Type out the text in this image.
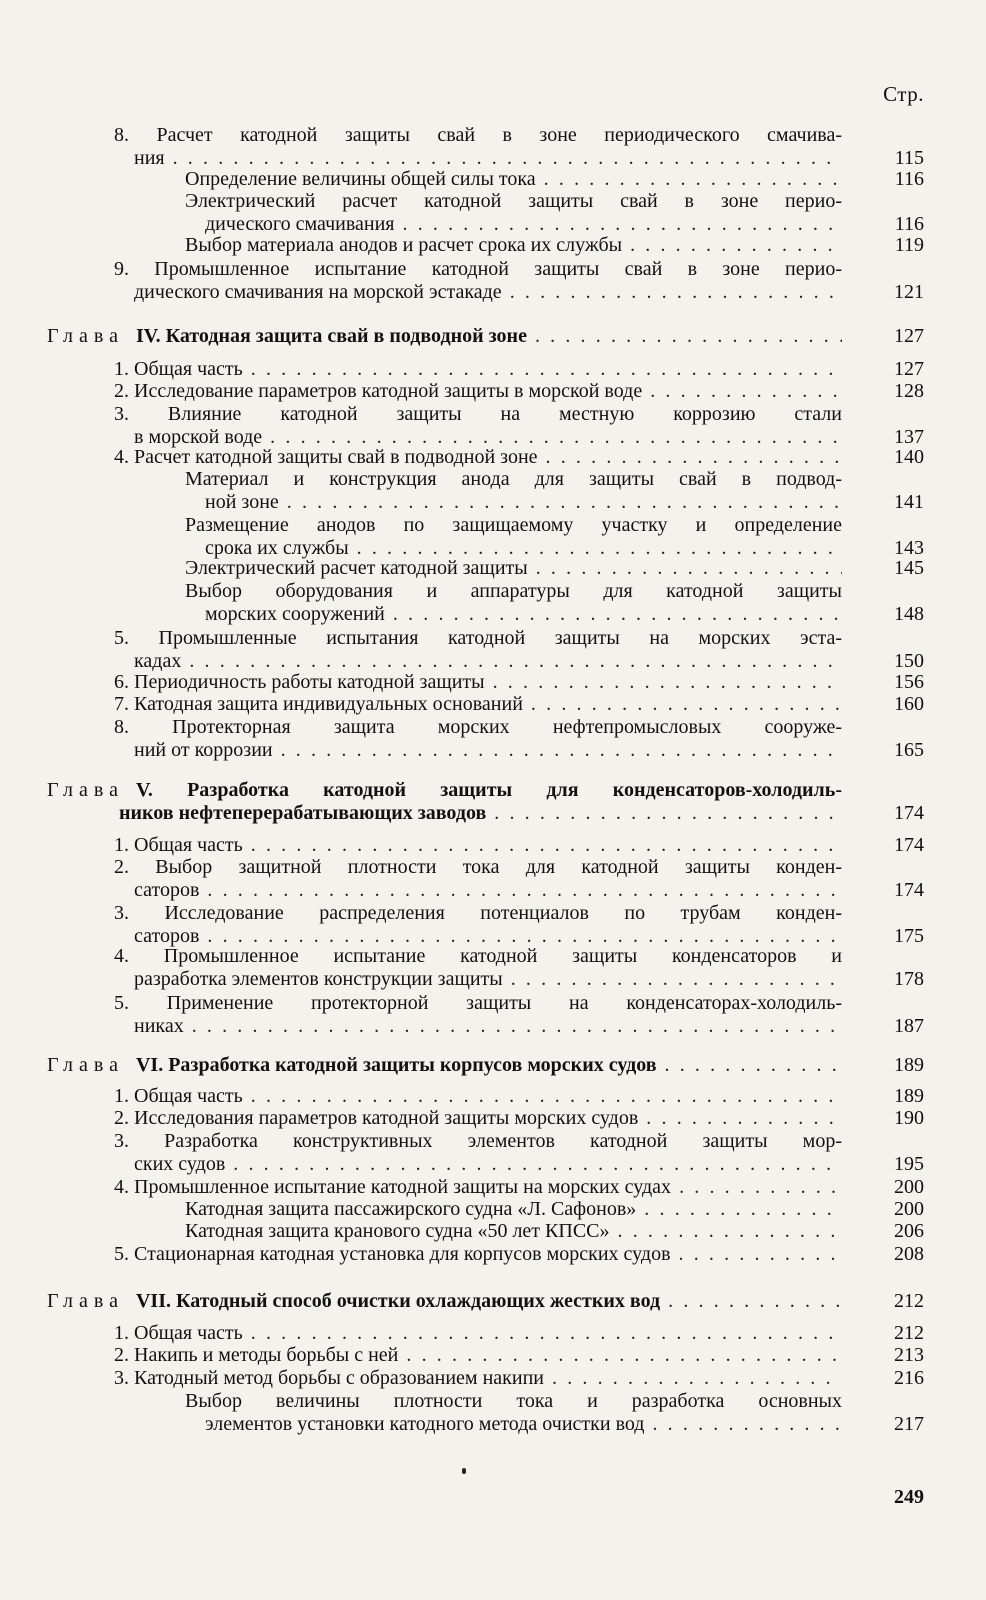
Стр.
8. Расчет катодной защиты свай в зоне периодического смачива-
ния . . .	115
Определение величины общей силы тока . . .	116
Электрический расчет катодной защиты свай в зоне перио-
дического смачивания . . .	116
Выбор материала анодов и расчет срока их службы . . .	119
9. Промышленное испытание катодной защиты свай в зоне перио-
дического смачивания на морской эстакаде . . .	121
Глава IV. Катодная защита свай в подводной зоне . . .	127
1. Общая часть . . .	127
2. Исследование параметров катодной защиты в морской воде . . .	128
3. Влияние катодной защиты на местную коррозию стали
в морской воде . . .	137
4. Расчет катодной защиты свай в подводной зоне . . .	140
Материал и конструкция анода для защиты свай в подвод-
ной зоне . . .	141
Размещение анодов по защищаемому участку и определение
срока их службы . . .	143
Электрический расчет катодной защиты . . .	145
Выбор оборудования и аппаратуры для катодной защиты
морских сооружений . . .	148
5. Промышленные испытания катодной защиты на морских эста-
кадах . . .	150
6. Периодичность работы катодной защиты . . .	156
7. Катодная защита индивидуальных оснований . . .	160
8. Протекторная защита морских нефтепромысловых сооруже-
ний от коррозии . . .	165
Глава V. Разработка катодной защиты для конденсаторов-холодиль-
ников нефтеперерабатывающих заводов . . .	174
1. Общая часть . . .	174
2. Выбор защитной плотности тока для катодной защиты конден-
саторов . . .	174
3. Исследование распределения потенциалов по трубам конден-
саторов . . .	175
4. Промышленное испытание катодной защиты конденсаторов и
разработка элементов конструкции защиты . . .	178
5. Применение протекторной защиты на конденсаторах-холодиль-
никах . . .	187
Глава VI. Разработка катодной защиты корпусов морских судов . . .	189
1. Общая часть . . .	189
2. Исследования параметров катодной защиты морских судов . . .	190
3. Разработка конструктивных элементов катодной защиты мор-
ских судов . . .	195
4. Промышленное испытание катодной защиты на морских судах . . .	200
Катодная защита пассажирского судна «Л. Сафонов» . . .	200
Катодная защита кранового судна «50 лет КПСС» . . .	206
5. Стационарная катодная установка для корпусов морских судов . . .	208
Глава VII. Катодный способ очистки охлаждающих жестких вод . . .	212
1. Общая часть . . .	212
2. Накипь и методы борьбы с ней . . .	213
3. Катодный метод борьбы с образованием накипи . . .	216
Выбор величины плотности тока и разработка основных
элементов установки катодного метода очистки вод . . .	217
249
